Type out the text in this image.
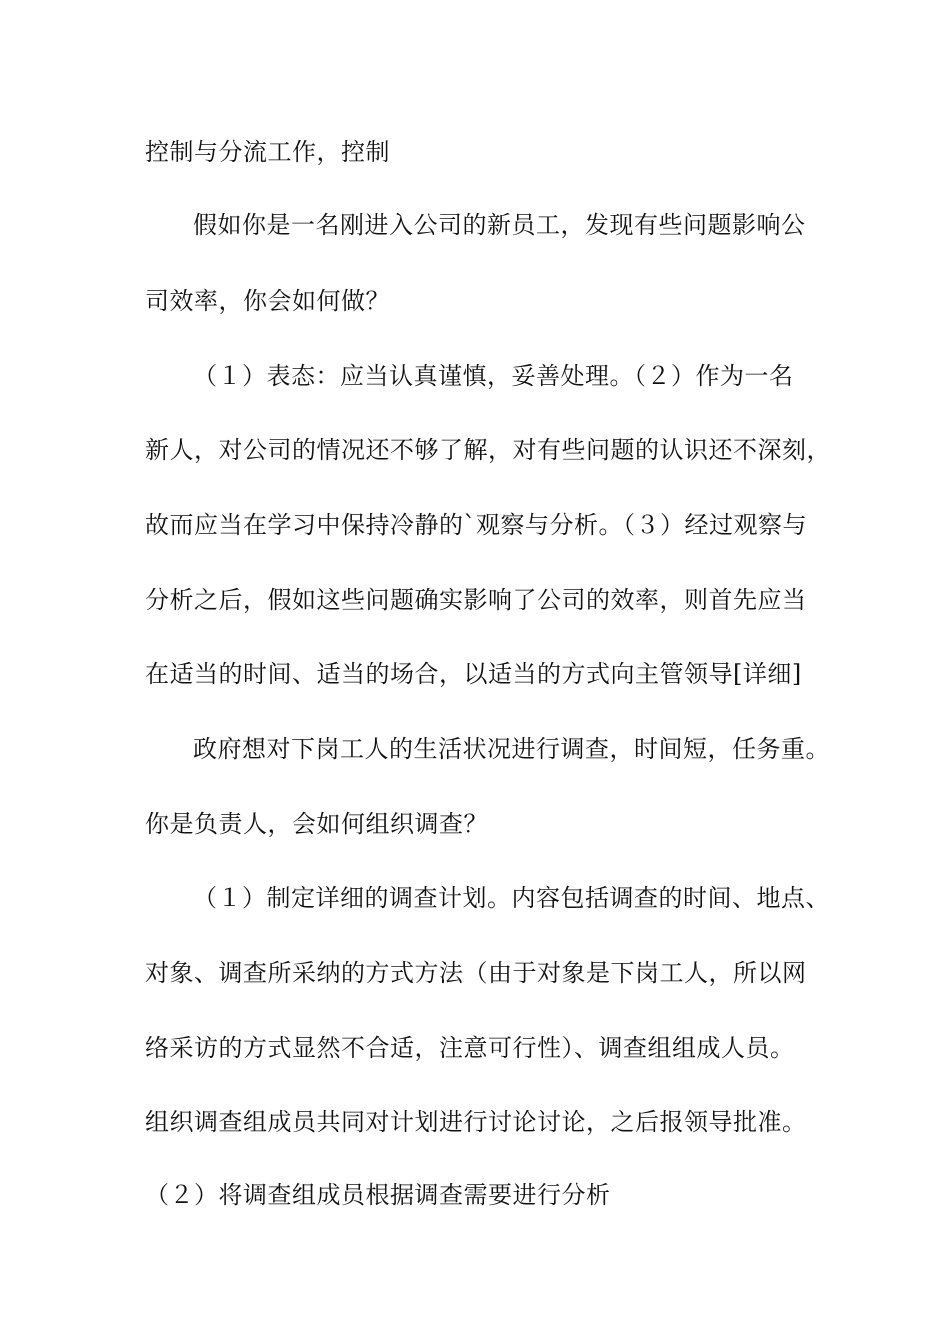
控制与分流工作，控制
假如你是一名刚进入公司的新员工，发现有些问题影响公
司效率，你会如何做？
（１）表态：应当认真谨慎，妥善处理。（２）作为一名
新人，对公司的情况还不够了解，对有些问题的认识还不深刻，
故而应当在学习中保持冷静的`观察与分析。（３）经过观察与
分析之后，假如这些问题确实影响了公司的效率，则首先应当
在适当的时间、适当的场合，以适当的方式向主管领导[详细]
政府想对下岗工人的生活状况进行调查，时间短，任务重。
你是负责人，会如何组织调查？
（１）制定详细的调查计划。内容包括调查的时间、地点、
对象、调查所采纳的方式方法（由于对象是下岗工人，所以网
络采访的方式显然不合适，注意可行性）、调查组组成人员。
组织调查组成员共同对计划进行讨论讨论，之后报领导批准。
（２）将调查组成员根据调查需要进行分析
